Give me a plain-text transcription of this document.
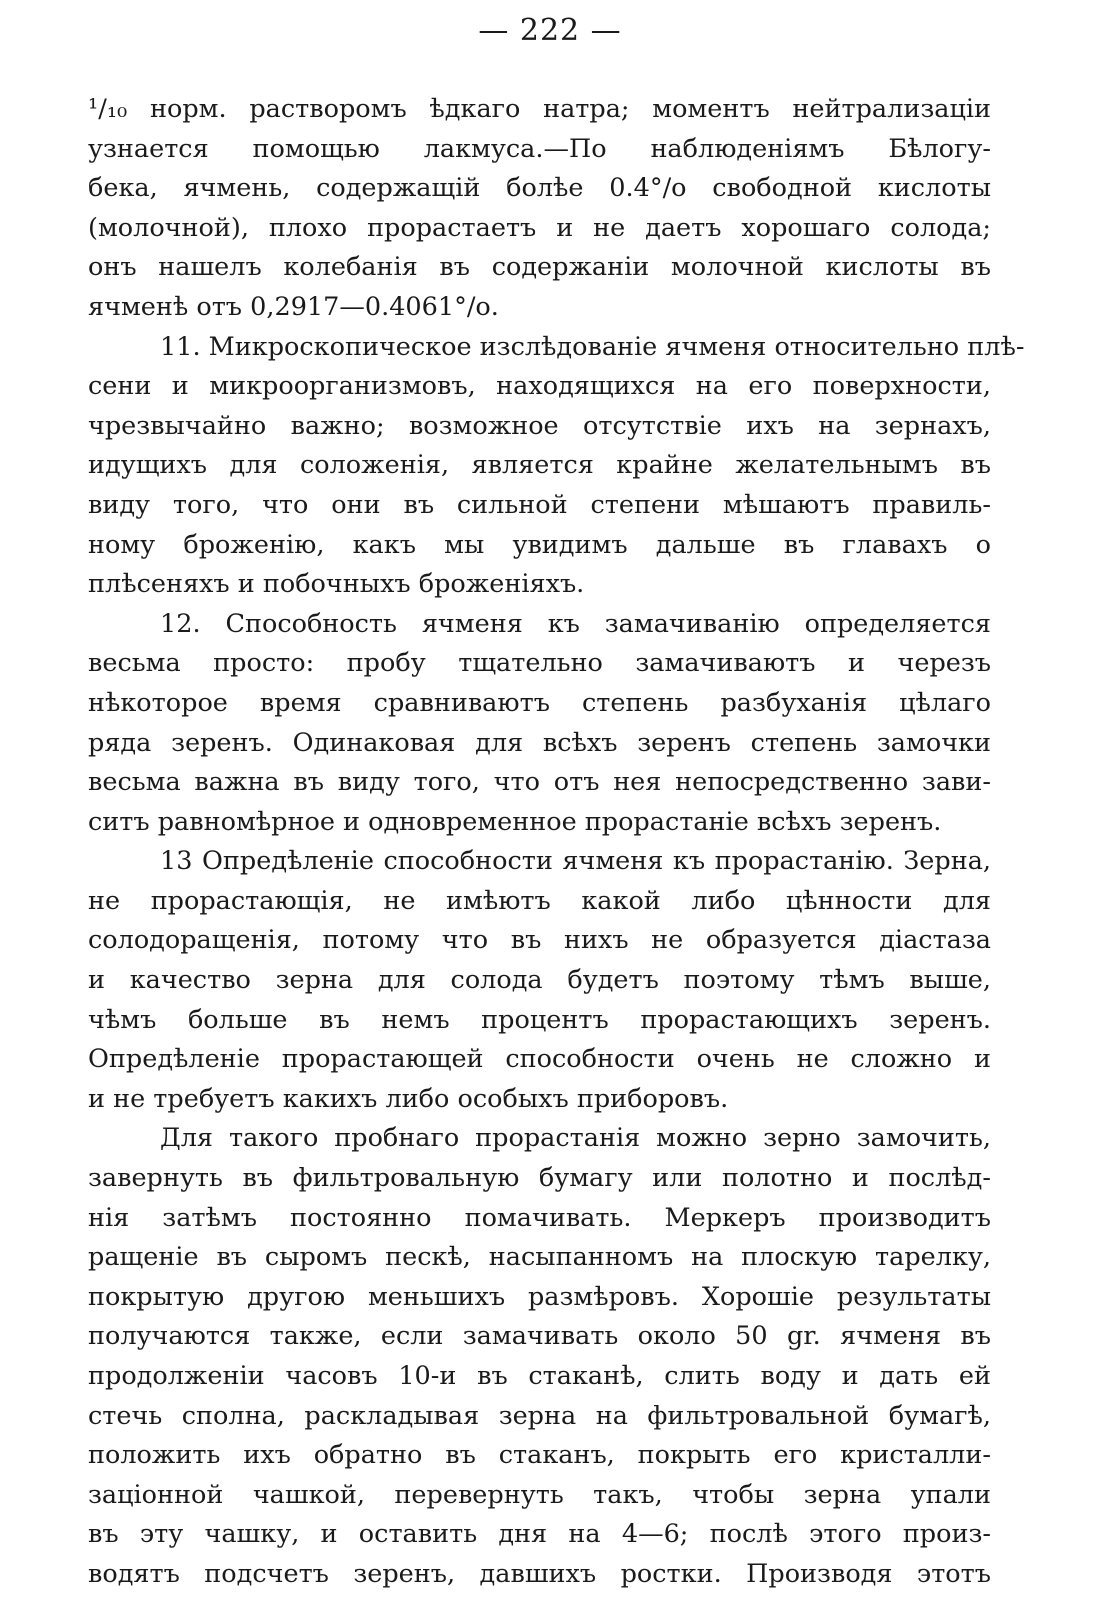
— 222 —
¹/₁₀ норм. растворомъ ѣдкаго натра; моментъ нейтрализацiи
узнается помощью лакмуса.—По наблюденiямъ Бѣлогу-
бека, ячмень, содержащiй болѣе 0.4°/о свободной кислоты
(молочной), плохо прорастаетъ и не даетъ хорошаго солода;
онъ нашелъ колебанiя въ содержанiи молочной кислоты въ
ячменѣ отъ 0,2917—0.4061°/о.
11. Микроскопическое изслѣдованiе ячменя относительно плѣ-
сени и микроорганизмовъ, находящихся на его поверхности,
чрезвычайно важно; возможное отсутствiе ихъ на зернахъ,
идущихъ для соложенiя, является крайне желательнымъ въ
виду того, что они въ сильной степени мѣшаютъ правиль-
ному броженiю, какъ мы увидимъ дальше въ главахъ о
плѣсеняхъ и побочныхъ броженiяхъ.
12. Способность ячменя къ замачиванiю определяется
весьма просто: пробу тщательно замачиваютъ и черезъ
нѣкоторое время сравниваютъ степень разбуханiя цѣлаго
ряда зеренъ. Одинаковая для всѣхъ зеренъ степень замочки
весьма важна въ виду того, что отъ нея непосредственно зави-
ситъ равномѣрное и одновременное прорастанiе всѣхъ зеренъ.
13 Опредѣленiе способности ячменя къ прорастанiю. Зерна,
не прорастающiя, не имѣютъ какой либо цѣнности для
солодоращенiя, потому что въ нихъ не образуется дiастаза
и качество зерна для солода будетъ поэтому тѣмъ выше,
чѣмъ больше въ немъ процентъ прорастающихъ зеренъ.
Опредѣленiе прорастающей способности очень не сложно и
и не требуетъ какихъ либо особыхъ приборовъ.
Для такого пробнаго прорастанiя можно зерно замочить,
завернуть въ фильтровальную бумагу или полотно и послѣд-
нiя затѣмъ постоянно помачивать. Меркеръ производитъ
ращенiе въ сыромъ пескѣ, насыпанномъ на плоскую тарелку,
покрытую другою меньшихъ размѣровъ. Хорошiе результаты
получаются также, если замачивать около 50 gr. ячменя въ
продолженiи часовъ 10-и въ стаканѣ, слить воду и дать ей
стечь сполна, раскладывая зерна на фильтровальной бумагѣ,
положить ихъ обратно въ стаканъ, покрыть его кристалли-
зацiонной чашкой, перевернуть такъ, чтобы зерна упали
въ эту чашку, и оставить дня на 4—6; послѣ этого произ-
водятъ подсчетъ зеренъ, давшихъ ростки. Производя этотъ
